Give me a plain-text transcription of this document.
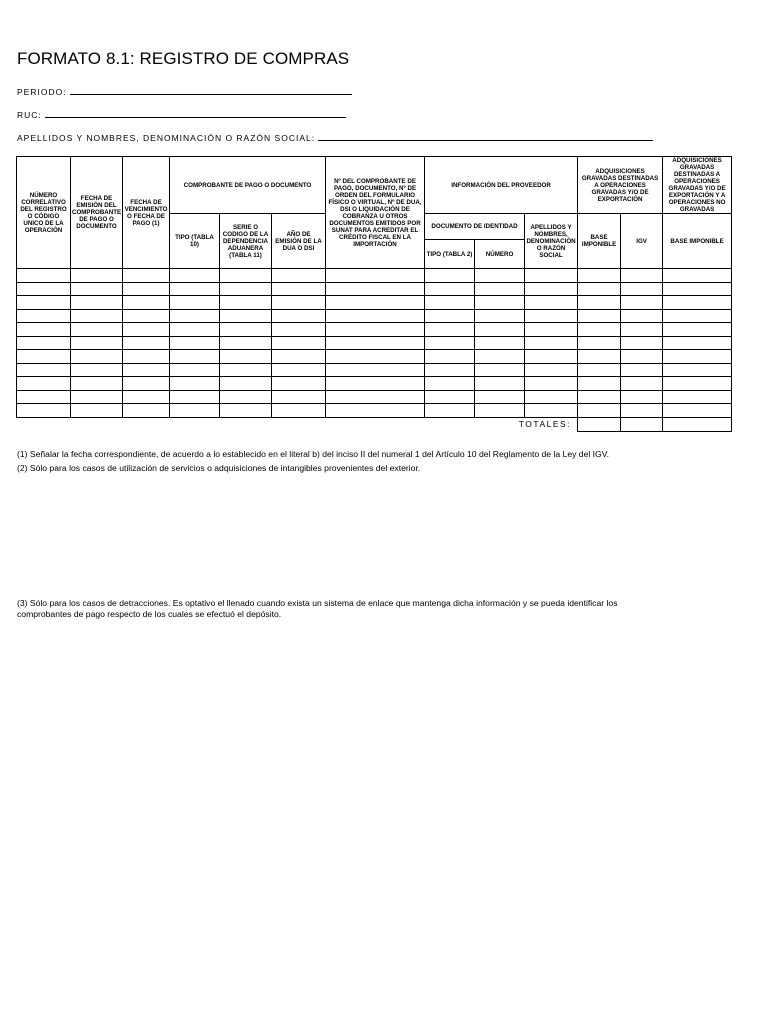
FORMATO 8.1: REGISTRO DE COMPRAS
PERIODO:
RUC:
APELLIDOS Y NOMBRES, DENOMINACIÓN O RAZÓN SOCIAL:
NÚMERO CORRELATIVO DEL REGISTRO O CÓDIGO UNICO DE LA OPERACIÓN	FECHA DE EMISIÓN DEL COMPROBANTE DE PAGO O DOCUMENTO	FECHA DE VENCIMIENTO O FECHA DE PAGO (1)	COMPROBANTE DE PAGO O DOCUMENTO			Nº DEL COMPROBANTE DE PAGO, DOCUMENTO, Nº DE ORDEN DEL FORMULARIO FÍSICO O VIRTUAL, Nº DE DUA, DSI O LIQUIDACIÓN DE COBRANZA U OTROS DOCUMENTOS EMITIDOS POR SUNAT PARA ACREDITAR EL CRÉDITO FISCAL EN LA IMPORTACIÓN	INFORMACIÓN DEL PROVEEDOR			ADQUISICIONES GRAVADAS DESTINADAS A OPERACIONES GRAVADAS Y/O DE EXPORTACIÓN		ADQUISICIONES GRAVADAS DESTINADAS A OPERACIONES GRAVADAS Y/O DE EXPORTACIÓN Y A OPERACIONES NO GRAVADAS
			TIPO (TABLA 10)	SERIE O CODIGO DE LA DEPENDENCIA ADUANERA (TABLA 11)	AÑO DE EMISIÓN DE LA DUA O DSI		DOCUMENTO DE IDENTIDAD		APELLIDOS Y NOMBRES, DENOMINACIÓN O RAZÓN SOCIAL	BASE IMPONIBLE	IGV	BASE IMPONIBLE
							TIPO (TABLA 2)	NÚMERO				

TOTALES:												
(1) Señalar la fecha correspondiente, de acuerdo a lo establecido en el literal b) del inciso II del numeral 1 del Artículo 10 del Reglamento de la Ley del IGV.
(2) Sólo para los casos de utilización de servicios o adquisiciones de intangibles provenientes del exterior.
(3) Sólo para los casos de detracciones. Es optativo el llenado cuando exista un sistema de enlace que mantenga dicha información y se pueda identificar los comprobantes de pago respecto de los cuales se efectuó el depósito.
